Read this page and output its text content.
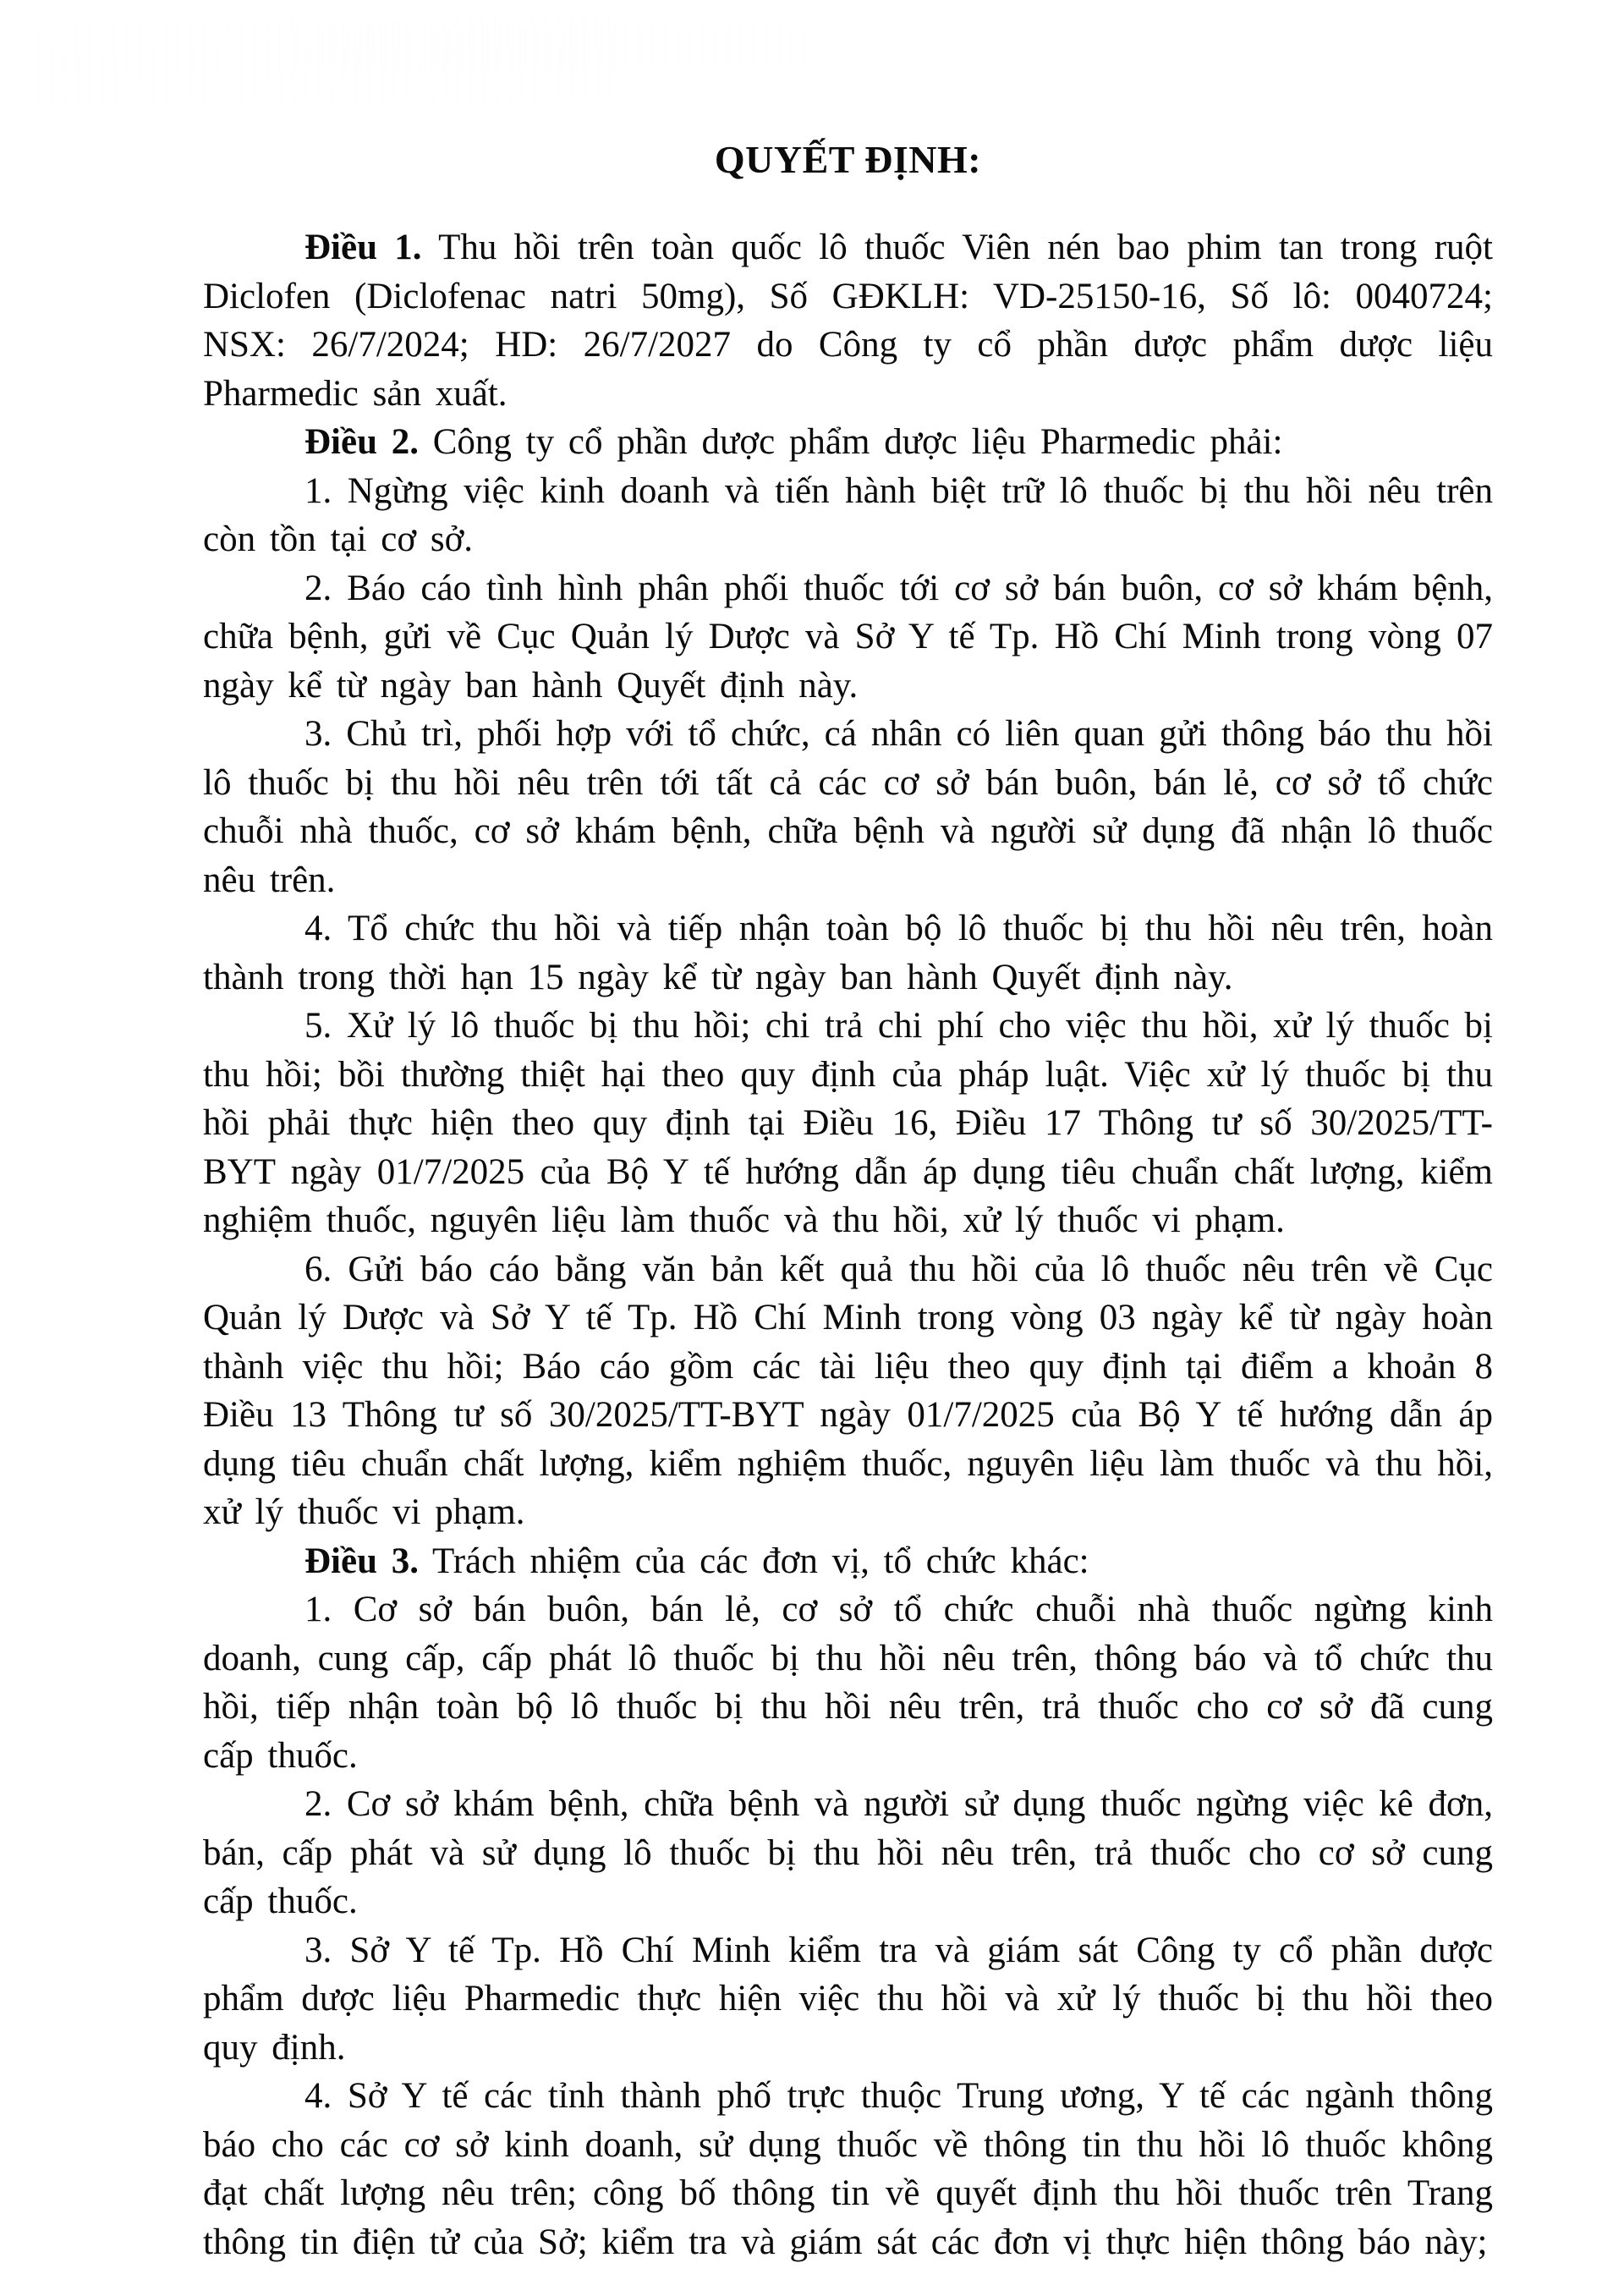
QUYẾT ĐỊNH:

Điều 1. Thu hồi trên toàn quốc lô thuốc Viên nén bao phim tan trong ruột Diclofen (Diclofenac natri 50mg), Số GĐKLH: VD-25150-16, Số lô: 0040724; NSX: 26/7/2024; HD: 26/7/2027 do Công ty cổ phần dược phẩm dược liệu Pharmedic sản xuất.

Điều 2. Công ty cổ phần dược phẩm dược liệu Pharmedic phải:

1. Ngừng việc kinh doanh và tiến hành biệt trữ lô thuốc bị thu hồi nêu trên còn tồn tại cơ sở.

2. Báo cáo tình hình phân phối thuốc tới cơ sở bán buôn, cơ sở khám bệnh, chữa bệnh, gửi về Cục Quản lý Dược và Sở Y tế Tp. Hồ Chí Minh trong vòng 07 ngày kể từ ngày ban hành Quyết định này.

3. Chủ trì, phối hợp với tổ chức, cá nhân có liên quan gửi thông báo thu hồi lô thuốc bị thu hồi nêu trên tới tất cả các cơ sở bán buôn, bán lẻ, cơ sở tổ chức chuỗi nhà thuốc, cơ sở khám bệnh, chữa bệnh và người sử dụng đã nhận lô thuốc nêu trên.

4. Tổ chức thu hồi và tiếp nhận toàn bộ lô thuốc bị thu hồi nêu trên, hoàn thành trong thời hạn 15 ngày kể từ ngày ban hành Quyết định này.

5. Xử lý lô thuốc bị thu hồi; chi trả chi phí cho việc thu hồi, xử lý thuốc bị thu hồi; bồi thường thiệt hại theo quy định của pháp luật. Việc xử lý thuốc bị thu hồi phải thực hiện theo quy định tại Điều 16, Điều 17 Thông tư số 30/2025/TT-BYT ngày 01/7/2025 của Bộ Y tế hướng dẫn áp dụng tiêu chuẩn chất lượng, kiểm nghiệm thuốc, nguyên liệu làm thuốc và thu hồi, xử lý thuốc vi phạm.

6. Gửi báo cáo bằng văn bản kết quả thu hồi của lô thuốc nêu trên về Cục Quản lý Dược và Sở Y tế Tp. Hồ Chí Minh trong vòng 03 ngày kể từ ngày hoàn thành việc thu hồi; Báo cáo gồm các tài liệu theo quy định tại điểm a khoản 8 Điều 13 Thông tư số 30/2025/TT-BYT ngày 01/7/2025 của Bộ Y tế hướng dẫn áp dụng tiêu chuẩn chất lượng, kiểm nghiệm thuốc, nguyên liệu làm thuốc và thu hồi, xử lý thuốc vi phạm.

Điều 3. Trách nhiệm của các đơn vị, tổ chức khác:

1. Cơ sở bán buôn, bán lẻ, cơ sở tổ chức chuỗi nhà thuốc ngừng kinh doanh, cung cấp, cấp phát lô thuốc bị thu hồi nêu trên, thông báo và tổ chức thu hồi, tiếp nhận toàn bộ lô thuốc bị thu hồi nêu trên, trả thuốc cho cơ sở đã cung cấp thuốc.

2. Cơ sở khám bệnh, chữa bệnh và người sử dụng thuốc ngừng việc kê đơn, bán, cấp phát và sử dụng lô thuốc bị thu hồi nêu trên, trả thuốc cho cơ sở cung cấp thuốc.

3. Sở Y tế Tp. Hồ Chí Minh kiểm tra và giám sát Công ty cổ phần dược phẩm dược liệu Pharmedic thực hiện việc thu hồi và xử lý thuốc bị thu hồi theo quy định.

4. Sở Y tế các tỉnh thành phố trực thuộc Trung ương, Y tế các ngành thông báo cho các cơ sở kinh doanh, sử dụng thuốc về thông tin thu hồi lô thuốc không đạt chất lượng nêu trên; công bố thông tin về quyết định thu hồi thuốc trên Trang thông tin điện tử của Sở; kiểm tra và giám sát các đơn vị thực hiện thông báo này;
